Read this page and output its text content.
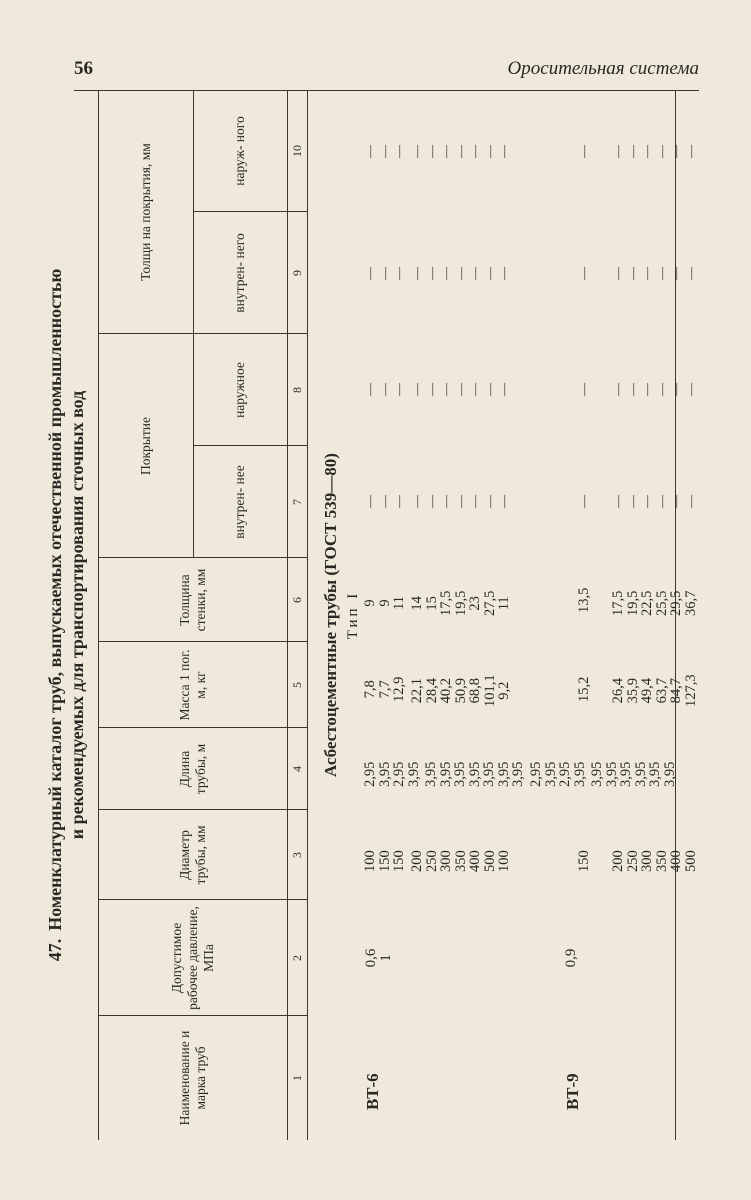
56	Оросительная система
47.Номенклатурный каталог труб, выпускаемых отечественной промышленностью и рекомендуемых для транспортирования сточных вод
Наименование и марка труб
Допустимое рабочее давление, МПа
Диаметр трубы, мм
Длина трубы, м
Масса 1 пог. м, кг
Толщина стенки, мм
Покрытие
внутрен- нее
наружное
Толщи на покрытия, мм	внутрен- него
наруж- ного
1
2
3
4
5
6
7
8
9
10
Асбестоцементные трубы (ГОСТ 539—80) Тип I
ВТ-6
0,6 1
100
150
150 200
250
300
350
400
500
100
2,95
3,95
2,95
3,95 3,95
3,95
3,95
3,95
3,95
3,95
3,95
7,8
7,7
12,9 22,1
28,4
40,2
50,9
68,8
101,1
9,2
9
9
11 14
15
17,5
19,5
23
27,5
11
— — — — — — — — — —
— — — — — — — — — —
— — — — — — — — — —
— — — — — — — — — —
ВТ-9
0,9
150 200
250
300
350
400
500
2,95
3,95
2,95
3,95 3,95
3,95
3,95
3,95
3,95
3,95
15,2 26,4
35,9
49,4
63,7
84,7
127,3
13,5 17,5
19,5
22,5
25,5
29,5
36,7
— — — — — — —
— — — — — — —
— — — — — — —
— — — — — — —
